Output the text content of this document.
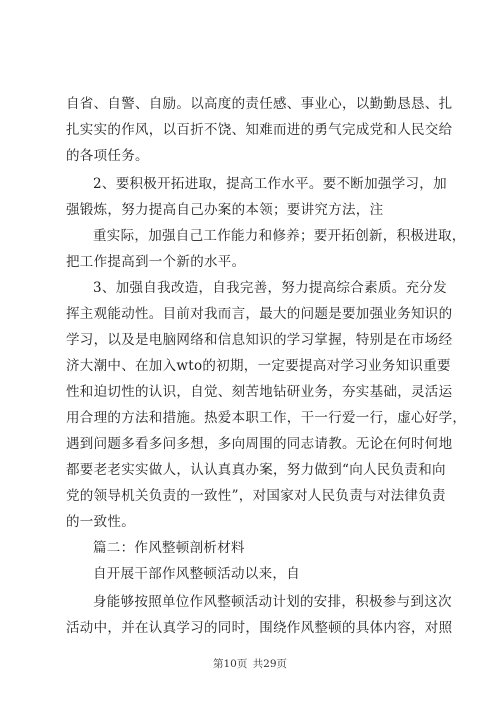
自省、自警、自励。以高度的责任感、事业心，以勤勤恳恳、扎
扎实实的作风，以百折不饶、知难而进的勇气完成党和人民交给
的各项任务。
2、要积极开拓进取，提高工作水平。要不断加强学习，加
强锻炼，努力提高自己办案的本领；要讲究方法，注
重实际，加强自己工作能力和修养；要开拓创新，积极进取，
把工作提高到一个新的水平。
3、加强自我改造，自我完善，努力提高综合素质。充分发
挥主观能动性。目前对我而言，最大的问题是要加强业务知识的
学习，以及是电脑网络和信息知识的学习掌握，特别是在市场经
济大潮中、在加入wto的初期，一定要提高对学习业务知识重要
性和迫切性的认识，自觉、刻苦地钻研业务，夯实基础，灵活运
用合理的方法和措施。热爱本职工作，干一行爱一行，虚心好学，
遇到问题多看多问多想，多向周围的同志请教。无论在何时何地
都要老老实实做人，认认真真办案，努力做到“向人民负责和向
党的领导机关负责的一致性”，对国家对人民负责与对法律负责
的一致性。
篇二：作风整顿剖析材料
自开展干部作风整顿活动以来，自
身能够按照单位作风整顿活动计划的安排，积极参与到这次
活动中，并在认真学习的同时，围绕作风整顿的具体内容，对照
第10页 共29页
